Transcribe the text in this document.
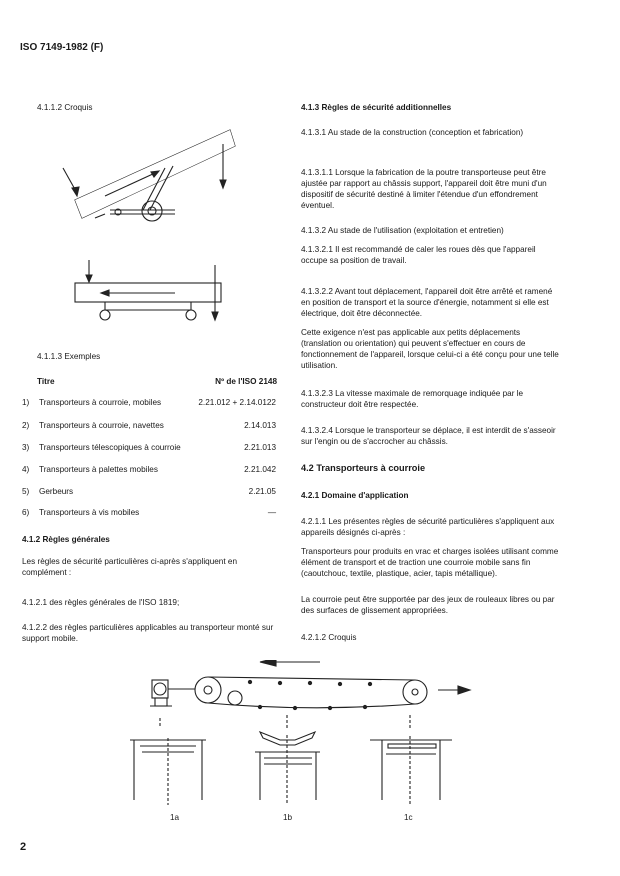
ISO 7149-1982 (F)
4.1.1.2 Croquis
4.1.1.3 Exemples
Titre	Nº de l'ISO 2148
1) Transporteurs à courroie, mobiles	2.21.012 + 2.14.0122
2) Transporteurs à courroie, navettes	2.14.013
3) Transporteurs télescopiques à courroie	2.21.013
4) Transporteurs à palettes mobiles	2.21.042
5) Gerbeurs	2.21.05
6) Transporteurs à vis mobiles	—
4.1.2 Règles générales
Les règles de sécurité particulières ci-après s'appliquent en complément :
4.1.2.1 des règles générales de l'ISO 1819;
4.1.2.2 des règles particulières applicables au transporteur monté sur support mobile.
4.1.3 Règles de sécurité additionnelles
4.1.3.1 Au stade de la construction (conception et fabrication)
4.1.3.1.1 Lorsque la fabrication de la poutre transporteuse peut être ajustée par rapport au châssis support, l'appareil doit être muni d'un dispositif de sécurité destiné à limiter l'étendue d'un effondrement éventuel.
4.1.3.2 Au stade de l'utilisation (exploitation et entretien)
4.1.3.2.1 Il est recommandé de caler les roues dès que l'appareil occupe sa position de travail.
4.1.3.2.2 Avant tout déplacement, l'appareil doit être arrêté et ramené en position de transport et la source d'énergie, notamment si elle est électrique, doit être déconnectée.
Cette exigence n'est pas applicable aux petits déplacements (translation ou orientation) qui peuvent s'effectuer en cours de fonctionnement de l'appareil, lorsque celui-ci a été conçu pour une telle utilisation.
4.1.3.2.3 La vitesse maximale de remorquage indiquée par le constructeur doit être respectée.
4.1.3.2.4 Lorsque le transporteur se déplace, il est interdit de s'asseoir sur l'engin ou de s'accrocher au châssis.
4.2 Transporteurs à courroie
4.2.1 Domaine d'application
4.2.1.1 Les présentes règles de sécurité particulières s'appliquent aux appareils désignés ci-après :
Transporteurs pour produits en vrac et charges isolées utilisant comme élément de transport et de traction une courroie mobile sans fin (caoutchouc, textile, plastique, acier, tapis métallique).
La courroie peut être supportée par des jeux de rouleaux libres ou par des surfaces de glissement appropriées.
4.2.1.2 Croquis
1a	1b	1c
2
